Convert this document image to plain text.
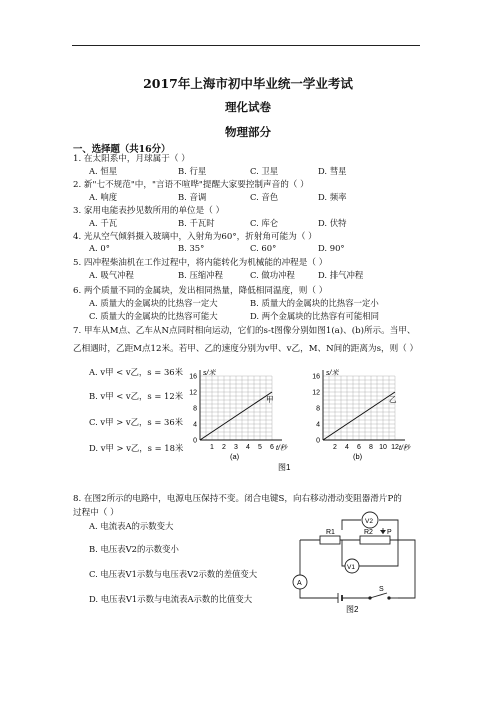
2017年上海市初中毕业统一学业考试
理化试卷
物理部分
一、选择题（共16分）
1. 在太阳系中，月球属于（ ）
A. 恒星	B. 行星	C. 卫星	D. 彗星
2. 新"七不规范"中，"言语不喧哗"提醒大家要控制声音的（ ）
A. 响度	B. 音调	C. 音色	D. 频率
3. 家用电能表抄见数所用的单位是（ ）
A. 千瓦	B. 千瓦时	C. 库仑	D. 伏特
4. 光从空气倾斜摄入玻璃中，入射角为60°，折射角可能为（ ）
A. 0°	B. 35°	C. 60°	D. 90°
5. 四冲程柴油机在工作过程中，将内能转化为机械能的冲程是（ ）
A. 吸气冲程	B. 压缩冲程	C. 做功冲程	D. 排气冲程
6. 两个质量不同的金属块，发出相同热量，降低相同温度，则（ ）
A. 质量大的金属块的比热容一定大	B. 质量大的金属块的比热容一定小
C. 质量大的金属块的比热容可能大	D. 两个金属块的比热容有可能相同
7. 甲车从M点、乙车从N点同时相向运动，它们的s-t图像分别如图1(a)、(b)所示。当甲、
乙相遇时，乙距M点12米。若甲、乙的速度分别为v甲、v乙，M、N间的距离为s，则（ ）
A. v甲 < v乙，s = 36米
B. v甲 < v乙，s = 12米
C. v甲 > v乙，s = 36米
D. v甲 > v乙，s = 18米
16
12
8
4
0
1 2 3 4 5 6
s/米
t/秒
(a)
甲
16
12
8
4
0
2 4 6 8 10 12
s/米
t/秒
(b)
乙
图1
8. 在图2所示的电路中，电源电压保持不变。闭合电键S，向右移动滑动变阻器滑片P的
过程中（ ）
A. 电流表A的示数变大
B. 电压表V2的示数变小
C. 电压表V1示数与电压表V2示数的差值变大
D. 电压表V1示数与电流表A示数的比值变大
R1	R2 P
V2
V1
A
S
图2
